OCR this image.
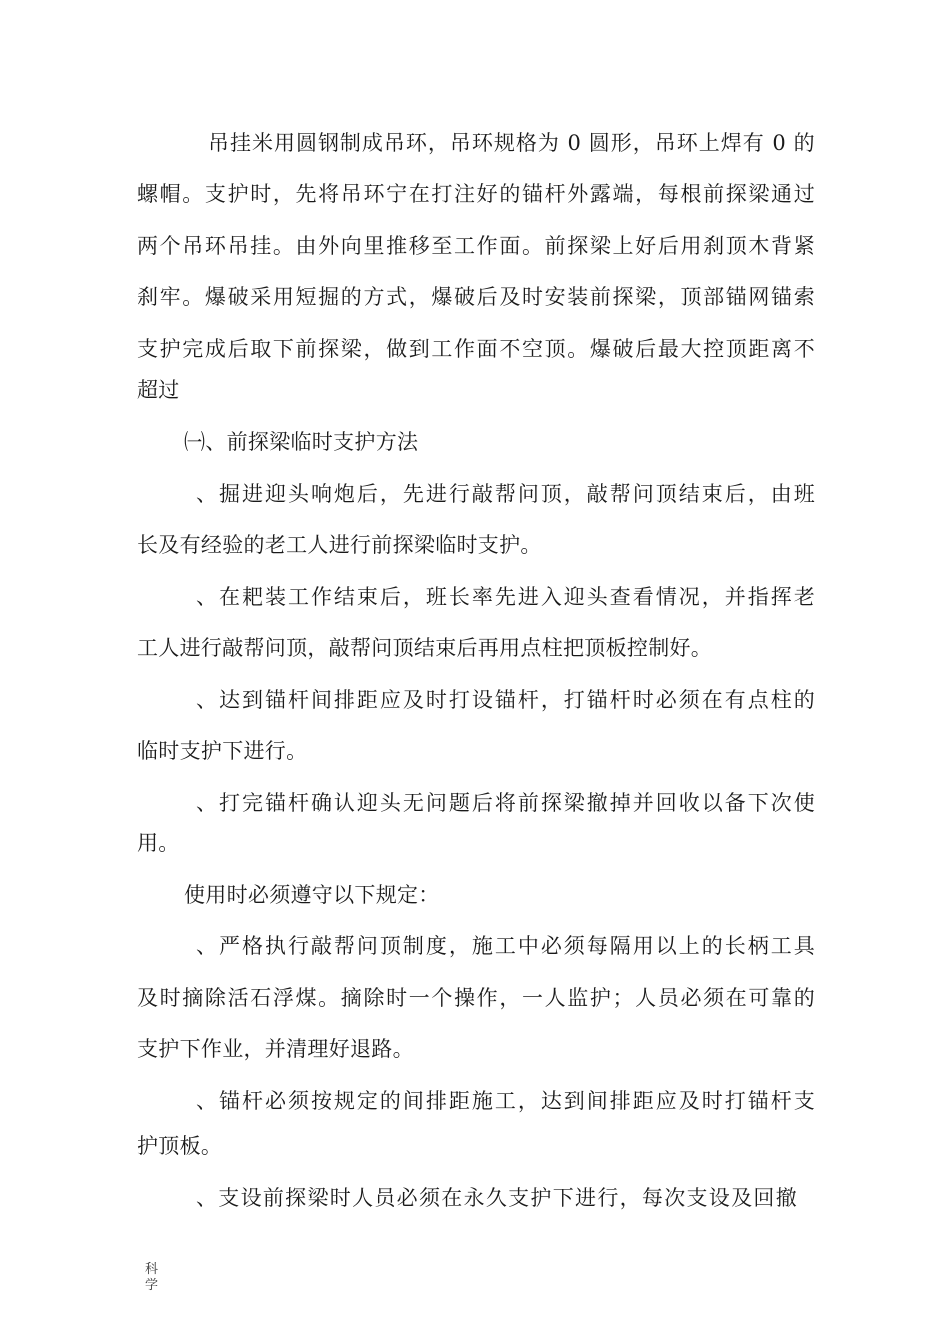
吊挂米用圆钢制成吊环，吊环规格为 0 圆形，吊环上焊有 0 的
螺帽。支护时，先将吊环宁在打注好的锚杆外露端，每根前探梁通过
两个吊环吊挂。由外向里推移至工作面。前探梁上好后用刹顶木背紧
刹牢。爆破采用短掘的方式，爆破后及时安装前探梁，顶部锚网锚索
支护完成后取下前探梁，做到工作面不空顶。爆破后最大控顶距离不
超过
㈠、前探梁临时支护方法
、掘进迎头响炮后，先进行敲帮问顶，敲帮问顶结束后，由班
长及有经验的老工人进行前探梁临时支护。
、在耙装工作结束后，班长率先进入迎头查看情况，并指挥老
工人进行敲帮问顶，敲帮问顶结束后再用点柱把顶板控制好。
、达到锚杆间排距应及时打设锚杆，打锚杆时必须在有点柱的
临时支护下进行。
、打完锚杆确认迎头无问题后将前探梁撤掉并回收以备下次使
用。
使用时必须遵守以下规定：
、严格执行敲帮问顶制度，施工中必须每隔用以上的长柄工具
及时摘除活石浮煤。摘除时一个操作，一人监护；人员必须在可靠的
支护下作业，并清理好退路。
、锚杆必须按规定的间排距施工，达到间排距应及时打锚杆支
护顶板。
、支设前探梁时人员必须在永久支护下进行，每次支设及回撤
科
学
